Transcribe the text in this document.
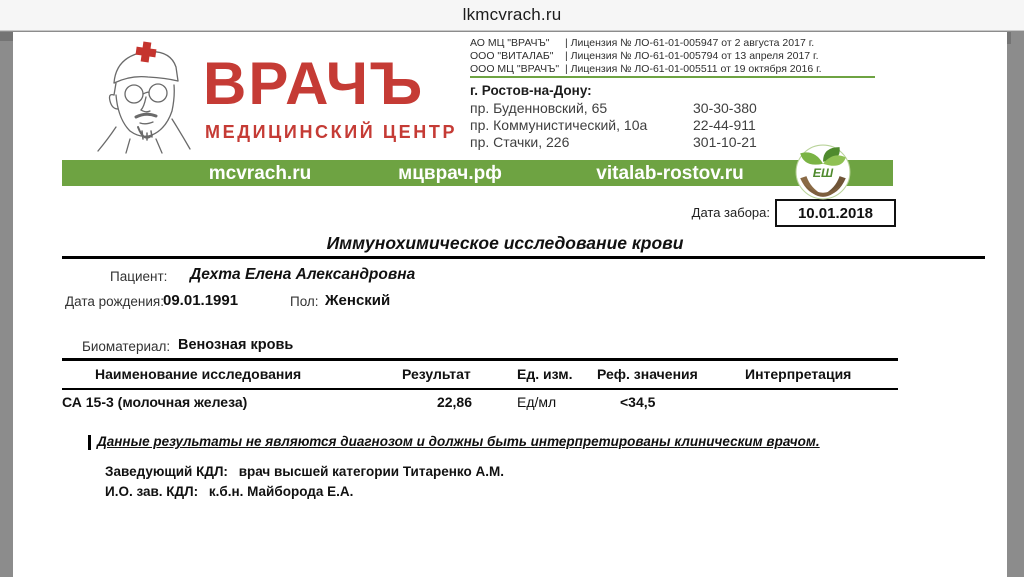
lkmcvrach.ru
ВРАЧЪ
МЕДИЦИНСКИЙ ЦЕНТР
АО МЦ "ВРАЧЪ"	| Лицензия № ЛО-61-01-005947 от 2 августа 2017 г.
ООО "ВИТАЛАБ"	| Лицензия № ЛО-61-01-005794 от 13 апреля 2017 г.
ООО МЦ "ВРАЧЪ" | Лицензия № ЛО-61-01-005511 от 19 октября 2016 г.
г. Ростов-на-Дону:
пр. Буденновский, 65	30-30-380
пр. Коммунистический, 10а	22-44-911
пр. Стачки, 226	301-10-21
mcvrach.ru	мцврач.рф	vitalab-rostov.ru	ЕШ
Дата забора: 10.01.2018
Иммунохимическое исследование крови
Пациент: Дехта Елена Александровна
Дата рождения: 09.01.1991	Пол: Женский
Биоматериал: Венозная кровь
Наименование исследования	Результат	Ед. изм.	Реф. значения	Интерпретация
СА 15-3 (молочная железа)	22,86	Ед/мл	<34,5	
Данные результаты не являются диагнозом и должны быть интерпретированы клиническим врачом.
Заведующий КДЛ: врач высшей категории Титаренко А.М.
И.О. зав. КДЛ: к.б.н. Майборода Е.А.
